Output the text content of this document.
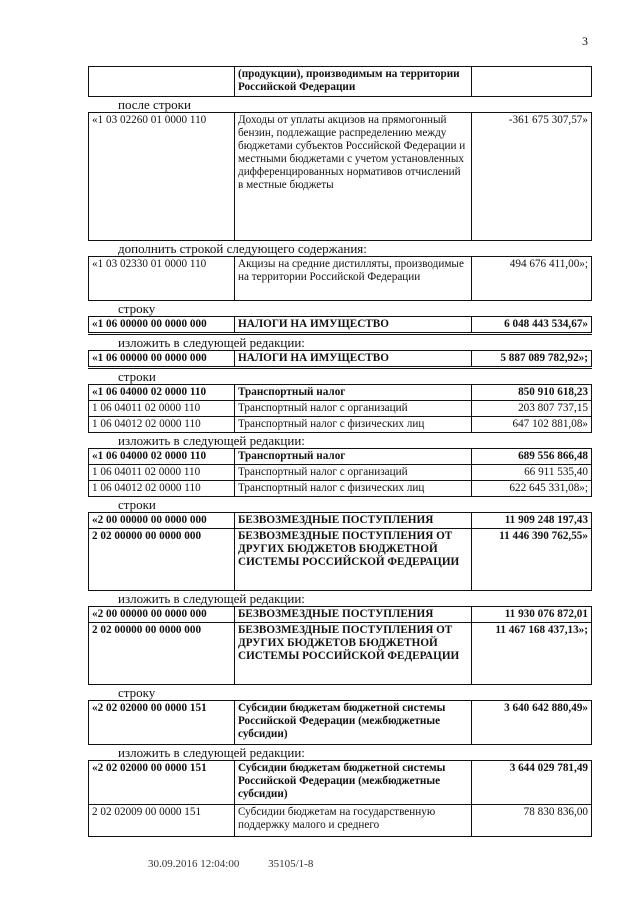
3
	(продукции), производимым на территории Российской Федерации	
после строки
«1 03 02260 01 0000 110	Доходы от уплаты акцизов на прямогонный бензин, подлежащие распределению между бюджетами субъектов Российской Федерации и местными бюджетами с учетом установленных дифференцированных нормативов отчислений в местные бюджеты	-361 675 307,57»
дополнить строкой следующего содержания:
«1 03 02330 01 0000 110	Акцизы на средние дистилляты, производимые на территории Российской Федерации	494 676 411,00»;
строку
«1 06 00000 00 0000 000	НАЛОГИ НА ИМУЩЕСТВО	6 048 443 534,67»
изложить в следующей редакции:
«1 06 00000 00 0000 000	НАЛОГИ НА ИМУЩЕСТВО	5 887 089 782,92»;
строки
«1 06 04000 02 0000 110	Транспортный налог	850 910 618,23
1 06 04011 02 0000 110	Транспортный налог с организаций	203 807 737,15
1 06 04012 02 0000 110	Транспортный налог с физических лиц	647 102 881,08»
изложить в следующей редакции:
«1 06 04000 02 0000 110	Транспортный налог	689 556 866,48
1 06 04011 02 0000 110	Транспортный налог с организаций	66 911 535,40
1 06 04012 02 0000 110	Транспортный налог с физических лиц	622 645 331,08»;
строки
«2 00 00000 00 0000 000	БЕЗВОЗМЕЗДНЫЕ ПОСТУПЛЕНИЯ	11 909 248 197,43
2 02 00000 00 0000 000	БЕЗВОЗМЕЗДНЫЕ ПОСТУПЛЕНИЯ ОТ ДРУГИХ БЮДЖЕТОВ БЮДЖЕТНОЙ СИСТЕМЫ РОССИЙСКОЙ ФЕДЕРАЦИИ	11 446 390 762,55»
изложить в следующей редакции:
«2 00 00000 00 0000 000	БЕЗВОЗМЕЗДНЫЕ ПОСТУПЛЕНИЯ	11 930 076 872,01
2 02 00000 00 0000 000	БЕЗВОЗМЕЗДНЫЕ ПОСТУПЛЕНИЯ ОТ ДРУГИХ БЮДЖЕТОВ БЮДЖЕТНОЙ СИСТЕМЫ РОССИЙСКОЙ ФЕДЕРАЦИИ	11 467 168 437,13»;
строку
«2 02 02000 00 0000 151	Субсидии бюджетам бюджетной системы Российской Федерации (межбюджетные субсидии)	3 640 642 880,49»
изложить в следующей редакции:
«2 02 02000 00 0000 151	Субсидии бюджетам бюджетной системы Российской Федерации (межбюджетные субсидии)	3 644 029 781,49
2 02 02009 00 0000 151	Субсидии бюджетам на государственную поддержку малого и среднего	78 830 836,00
30.09.2016 12:04:00	35105/1-8
